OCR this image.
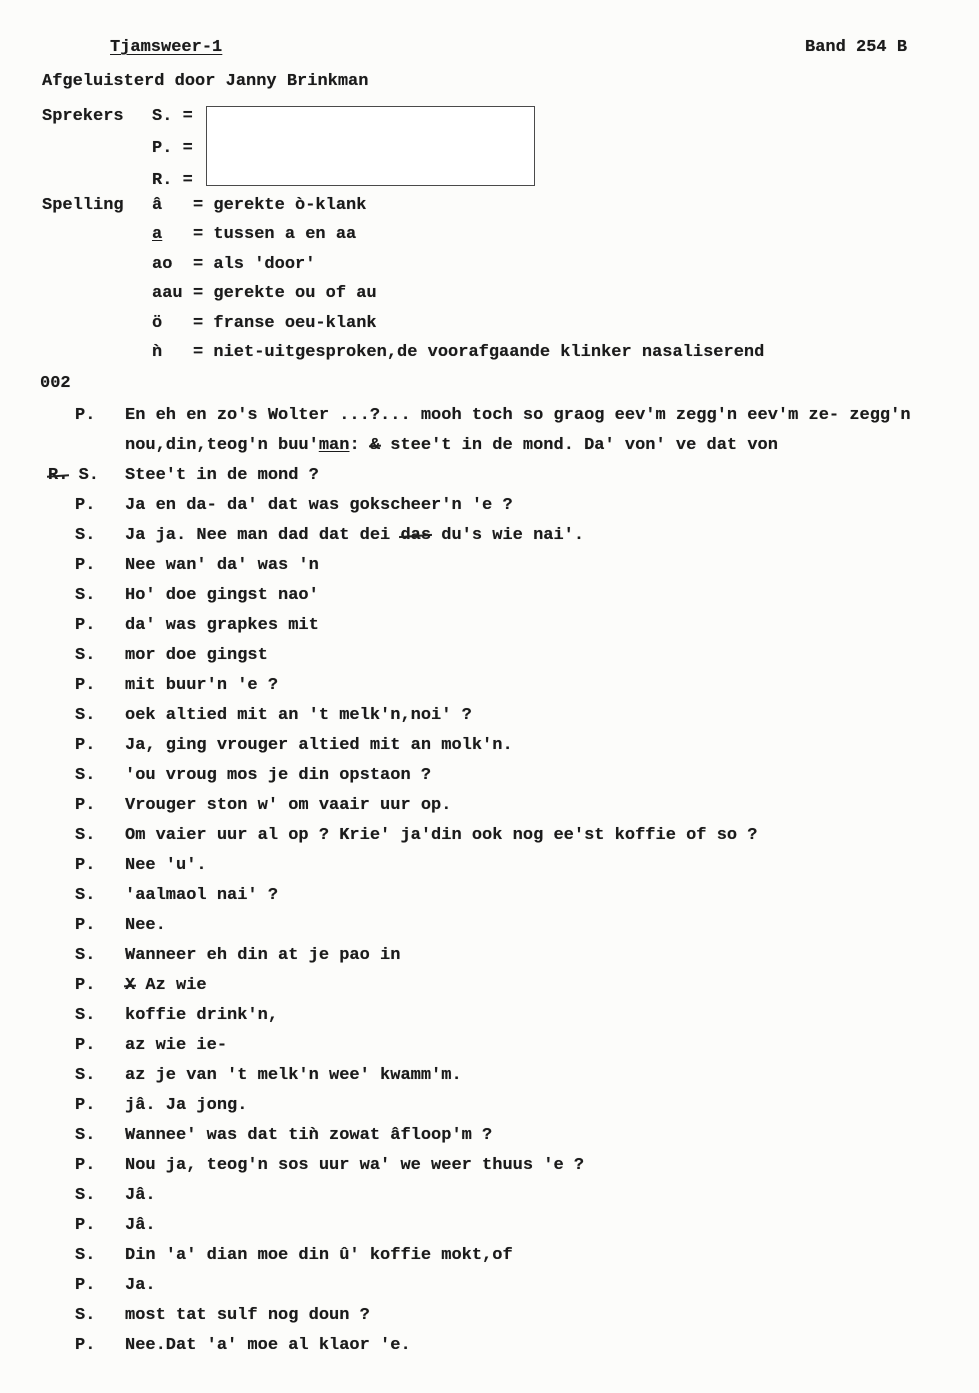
Tjamsweer-1	Band 254 B
Afgeluisterd door Janny Brinkman
Sprekers S. =
P. =
R. =
Spelling â = gerekte ò-klank
a = tussen a en aa
ao = als 'door'
aau = gerekte ou of au
ö = franse oeu-klank
ǹ = niet-uitgesproken,de voorafgaande klinker nasaliserend
002
P. En eh en zo's Wolter ...?... mooh toch so graog eev'm zegg'n eev'm ze- zegg'n
nou,din,teog'n buu'man: & stee't in de mond. Da' von' ve dat von
R. S. Stee't in de mond ?
P. Ja en da- da' dat was gokscheer'n 'e ?
S. Ja ja. Nee man dad dat dei das du's wie nai'.
P. Nee wan' da' was 'n
S. Ho' doe gingst nao'
P. da' was grapkes mit
S. mor doe gingst
P. mit buur'n 'e ?
S. oek altied mit an 't melk'n,noi' ?
P. Ja, ging vrouger altied mit an molk'n.
S. 'ou vroug mos je din opstaon ?
P. Vrouger ston w' om vaair uur op.
S. Om vaier uur al op ? Krie' ja'din ook nog ee'st koffie of so ?
P. Nee 'u'.
S. 'aalmaol nai' ?
P. Nee.
S. Wanneer eh din at je pao in
P. X Az wie
S. koffie drink'n,
P. az wie ie-
S. az je van 't melk'n wee' kwamm'm.
P. jâ. Ja jong.
S. Wannee' was dat tiǹ zowat âfloop'm ?
P. Nou ja, teog'n sos uur wa' we weer thuus 'e ?
S. Jâ.
P. Jâ.
S. Din 'a' dian moe din û' koffie mokt,of
P. Ja.
S. most tat sulf nog doun ?
P. Nee.Dat 'a' moe al klaor 'e.
